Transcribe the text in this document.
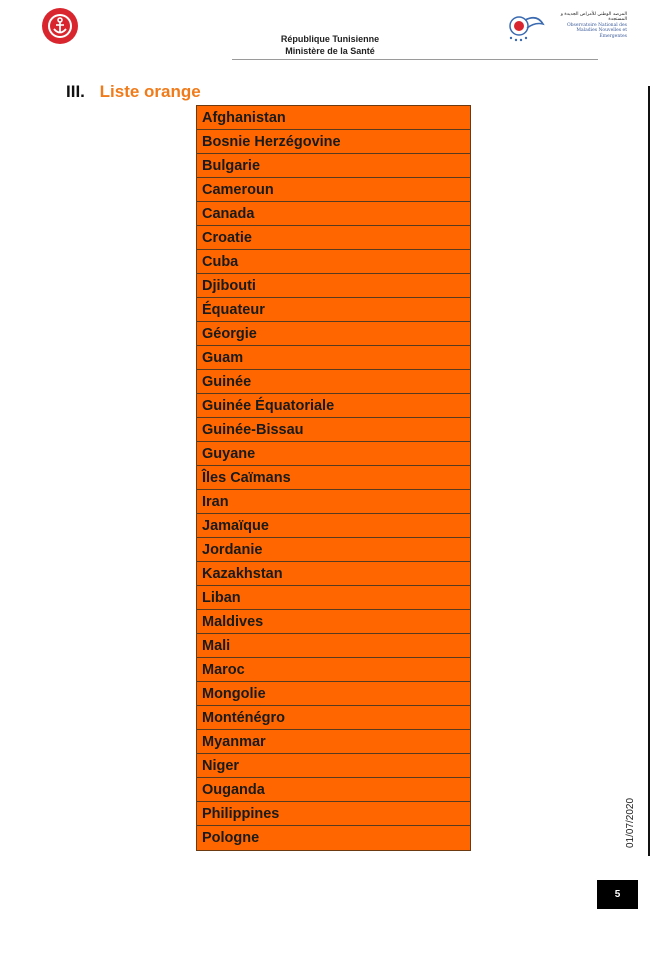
République Tunisienne
Ministère de la Santé
المرصد الوطني للأمراض الجديدة و المستجدة
Observatoire National des Maladies Nouvelles et Émergentes
III. Liste orange
Afghanistan
Bosnie Herzégovine
Bulgarie
Cameroun
Canada
Croatie
Cuba
Djibouti
Équateur
Géorgie
Guam
Guinée
Guinée Équatoriale
Guinée-Bissau
Guyane
Îles Caïmans
Iran
Jamaïque
Jordanie
Kazakhstan
Liban
Maldives
Mali
Maroc
Mongolie
Monténégro
Myanmar
Niger
Ouganda
Philippines
Pologne	01/07/2020
5
